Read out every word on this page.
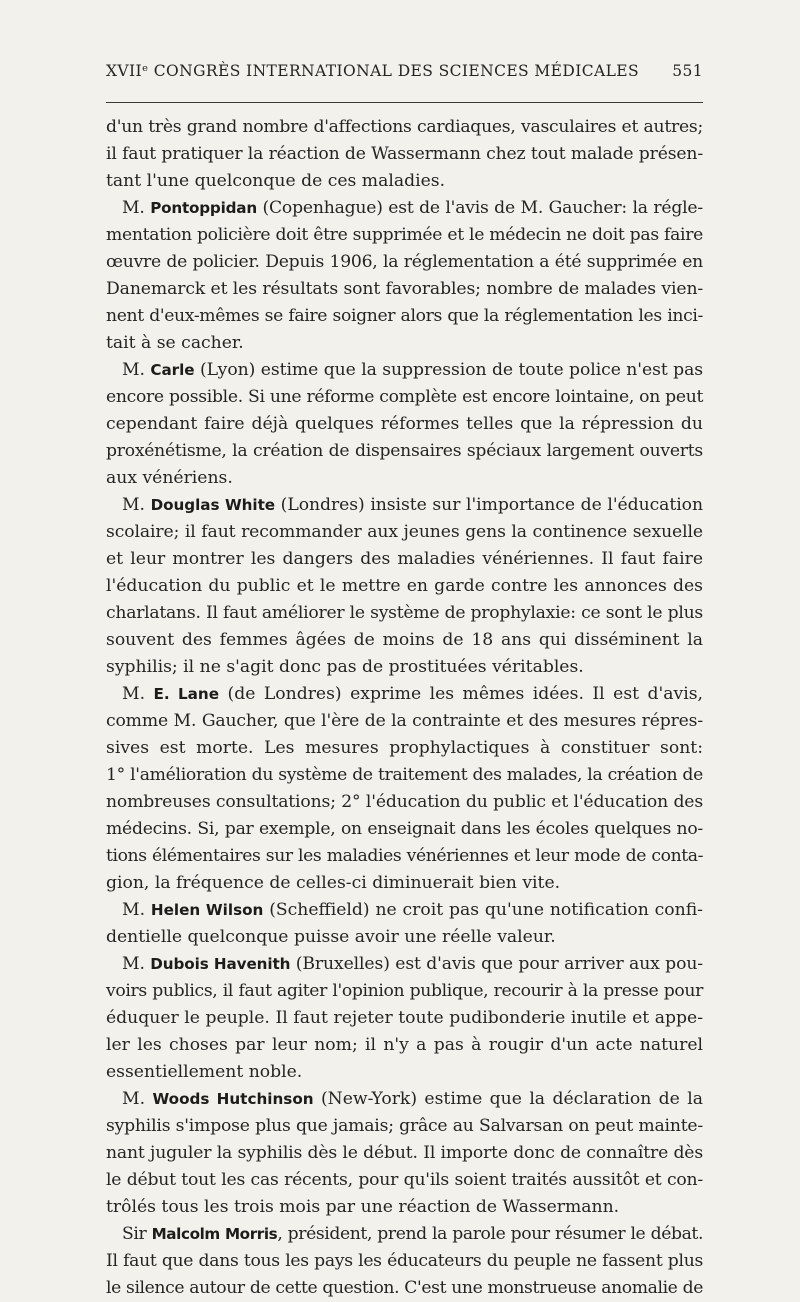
XVIIᵉ CONGRÈS INTERNATIONAL DES SCIENCES MÉDICALES 551
d'un très grand nombre d'affections cardiaques, vasculaires et autres;
il faut pratiquer la réaction de Wassermann chez tout malade présen-
tant l'une quelconque de ces maladies.
M. Pontoppidan (Copenhague) est de l'avis de M. Gaucher: la régle-
mentation policière doit être supprimée et le médecin ne doit pas faire
œuvre de policier. Depuis 1906, la réglementation a été supprimée en
Danemarck et les résultats sont favorables; nombre de malades vien-
nent d'eux-mêmes se faire soigner alors que la réglementation les inci-
tait à se cacher.
M. Carle (Lyon) estime que la suppression de toute police n'est pas
encore possible. Si une réforme complète est encore lointaine, on peut
cependant faire déjà quelques réformes telles que la répression du
proxénétisme, la création de dispensaires spéciaux largement ouverts
aux vénériens.
M. Douglas White (Londres) insiste sur l'importance de l'éducation
scolaire; il faut recommander aux jeunes gens la continence sexuelle
et leur montrer les dangers des maladies vénériennes. Il faut faire
l'éducation du public et le mettre en garde contre les annonces des
charlatans. Il faut améliorer le système de prophylaxie: ce sont le plus
souvent des femmes âgées de moins de 18 ans qui disséminent la
syphilis; il ne s'agit donc pas de prostituées véritables.
M. E. Lane (de Londres) exprime les mêmes idées. Il est d'avis,
comme M. Gaucher, que l'ère de la contrainte et des mesures répres-
sives est morte. Les mesures prophylactiques à constituer sont:
1° l'amélioration du système de traitement des malades, la création de
nombreuses consultations; 2° l'éducation du public et l'éducation des
médecins. Si, par exemple, on enseignait dans les écoles quelques no-
tions élémentaires sur les maladies vénériennes et leur mode de conta-
gion, la fréquence de celles-ci diminuerait bien vite.
M. Helen Wilson (Scheffield) ne croit pas qu'une notification confi-
dentielle quelconque puisse avoir une réelle valeur.
M. Dubois Havenith (Bruxelles) est d'avis que pour arriver aux pou-
voirs publics, il faut agiter l'opinion publique, recourir à la presse pour
éduquer le peuple. Il faut rejeter toute pudibonderie inutile et appe-
ler les choses par leur nom; il n'y a pas à rougir d'un acte naturel
essentiellement noble.
M. Woods Hutchinson (New-York) estime que la déclaration de la
syphilis s'impose plus que jamais; grâce au Salvarsan on peut mainte-
nant juguler la syphilis dès le début. Il importe donc de connaître dès
le début tout les cas récents, pour qu'ils soient traités aussitôt et con-
trôlés tous les trois mois par une réaction de Wassermann.
Sir Malcolm Morris, président, prend la parole pour résumer le débat.
Il faut que dans tous les pays les éducateurs du peuple ne fassent plus
le silence autour de cette question. C'est une monstrueuse anomalie de
